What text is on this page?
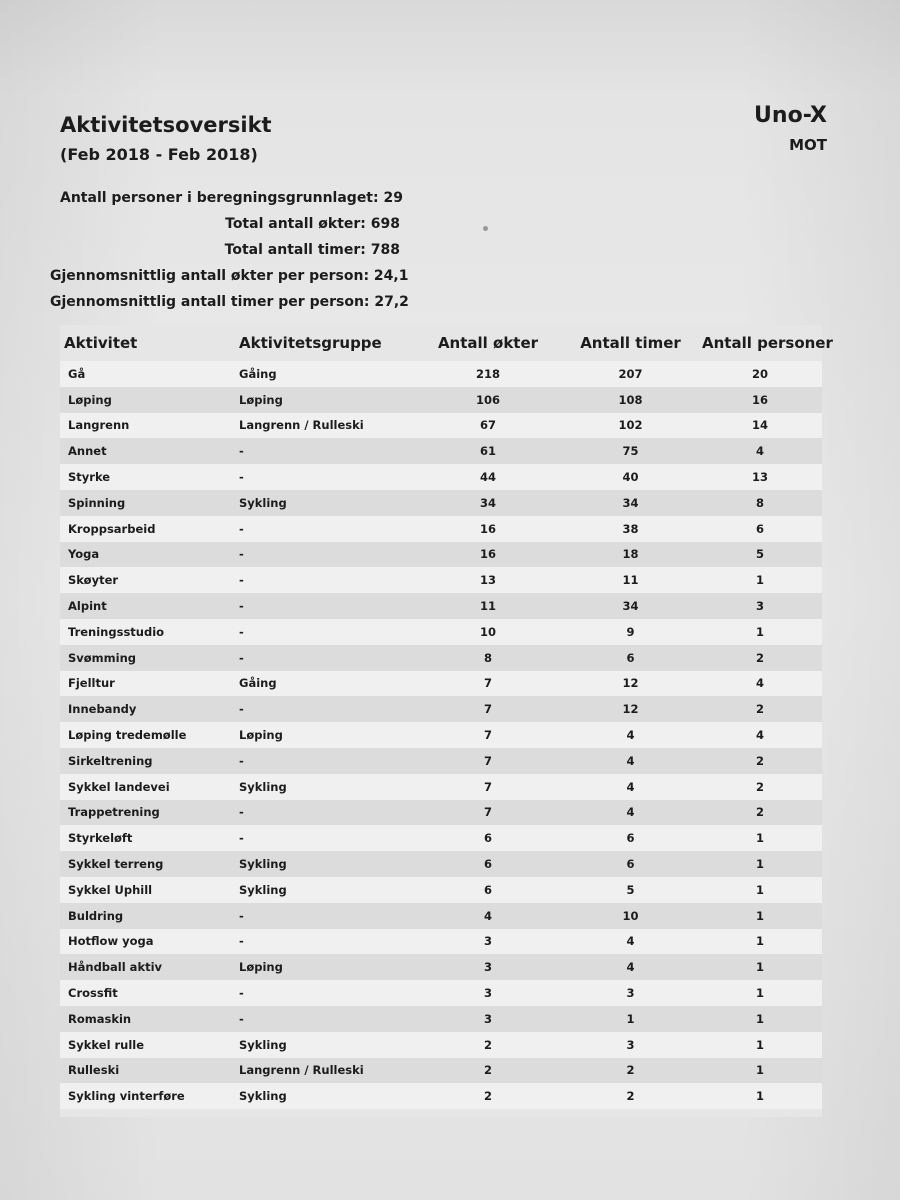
Aktivitetsoversikt
(Feb 2018 - Feb 2018)
Uno-X
MOT
Antall personer i beregningsgrunnlaget: 29
Total antall økter: 698
Total antall timer: 788
Gjennomsnittlig antall økter per person: 24,1
Gjennomsnittlig antall timer per person: 27,2
Aktivitet	Aktivitetsgruppe	Antall økter	Antall timer	Antall personer
Gå	Gåing	218	207	20
Løping	Løping	106	108	16
Langrenn	Langrenn / Rulleski	67	102	14
Annet	-	61	75	4
Styrke	-	44	40	13
Spinning	Sykling	34	34	8
Kroppsarbeid	-	16	38	6
Yoga	-	16	18	5
Skøyter	-	13	11	1
Alpint	-	11	34	3
Treningsstudio	-	10	9	1
Svømming	-	8	6	2
Fjelltur	Gåing	7	12	4
Innebandy	-	7	12	2
Løping tredemølle	Løping	7	4	4
Sirkeltrening	-	7	4	2
Sykkel landevei	Sykling	7	4	2
Trappetrening	-	7	4	2
Styrkeløft	-	6	6	1
Sykkel terreng	Sykling	6	6	1
Sykkel Uphill	Sykling	6	5	1
Buldring	-	4	10	1
Hotflow yoga	-	3	4	1
Håndball aktiv	Løping	3	4	1
Crossfit	-	3	3	1
Romaskin	-	3	1	1
Sykkel rulle	Sykling	2	3	1
Rulleski	Langrenn / Rulleski	2	2	1
Sykling vinterføre	Sykling	2	2	1
